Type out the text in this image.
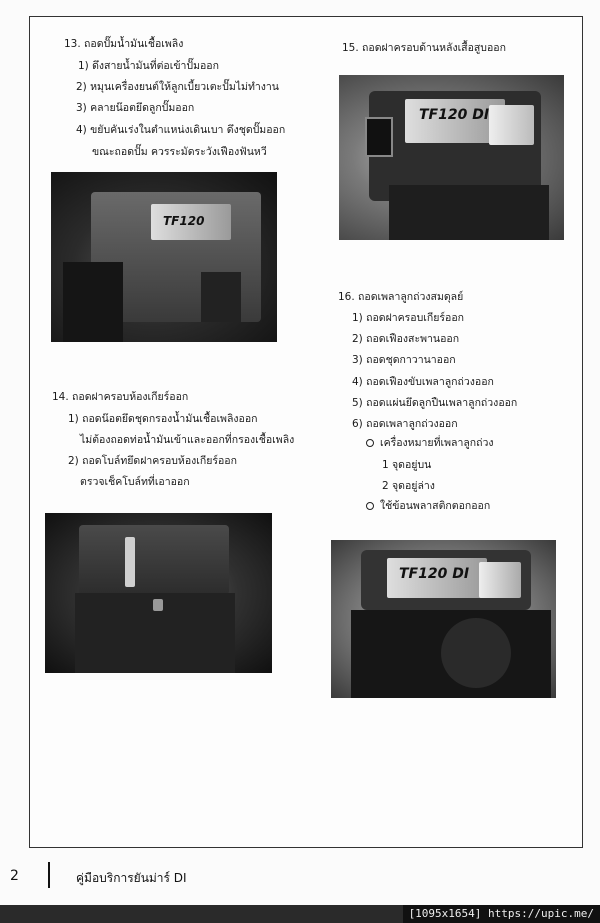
13. ถอดปั๊มน้ำมันเชื้อเพลิง
1) ดึงสายน้ำมันที่ต่อเข้าปั๊มออก
2) หมุนเครื่องยนต์ให้ลูกเบี้ยวเตะปั๊มไม่ทำงาน
3) คลายน๊อตยึดลูกปั๊มออก
4) ขยับคันเร่งในตำแหน่งเดินเบา ดึงชุดปั๊มออก
ขณะถอดปั๊ม ควรระมัดระวังเฟืองฟันหวี
TF120
15. ถอดฝาครอบด้านหลังเสื้อสูบออก
TF120 DI
16. ถอดเพลาลูกถ่วงสมดุลย์
1) ถอดฝาครอบเกียร์ออก
2) ถอดเฟืองสะพานออก
3) ถอดชุดกาวานาออก
4) ถอดเฟืองขับเพลาลูกถ่วงออก
5) ถอดแผ่นยึดลูกปืนเพลาลูกถ่วงออก
6) ถอดเพลาลูกถ่วงออก
เครื่องหมายที่เพลาลูกถ่วง
1 จุดอยู่บน
2 จุดอยู่ล่าง
ใช้ข้อนพลาสติกตอกออก
14. ถอดฝาครอบห้องเกียร์ออก
1) ถอดน๊อตยึดชุดกรองน้ำมันเชื้อเพลิงออก
ไม่ต้องถอดท่อน้ำมันเข้าและออกที่กรองเชื้อเพลิง
2) ถอดโบล์ทยึดฝาครอบห้องเกียร์ออก
ตรวจเช็คโบล์ทที่เอาออก
TF120 DI
2	คู่มือบริการยันม่าร์ DI
[1095x1654] https://upic.me/
